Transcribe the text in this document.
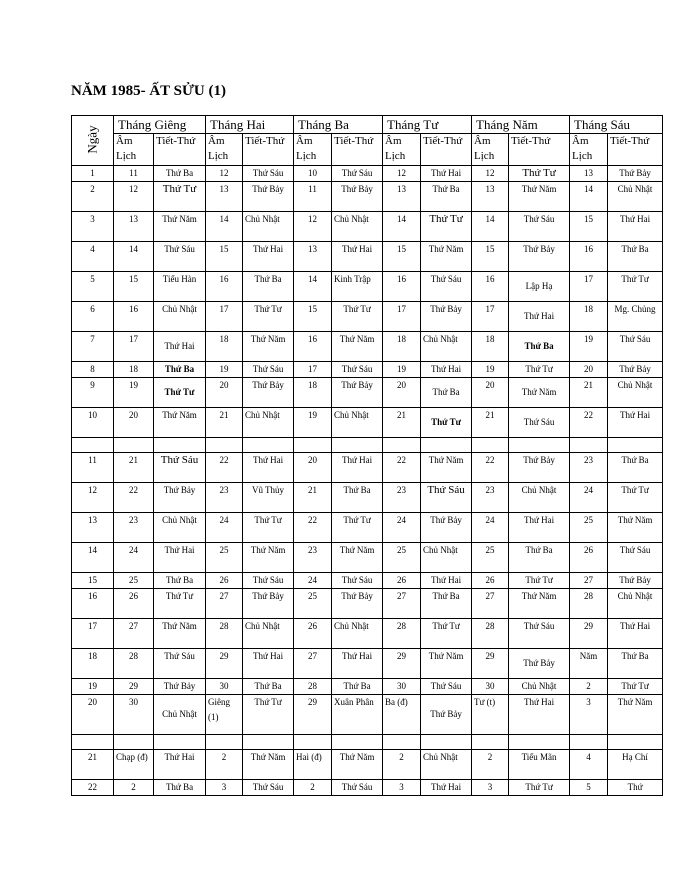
NĂM 1985- ẤT SỬU (1)
Ngày	Tháng Giêng		Tháng Hai		Tháng Ba		Tháng Tư		Tháng Năm		Tháng Sáu	
	Âm Lịch	Tiết-Thứ	Âm Lịch	Tiết-Thứ	Âm Lịch	Tiết-Thứ	Âm Lịch	Tiết-Thứ	Âm Lịch	Tiết-Thứ	Âm Lịch	Tiết-Thứ
1	11	Thứ Ba	12	Thứ Sáu	10	Thứ Sáu	12	Thứ Hai	12	Thứ Tư	13	Thứ Bảy
2	12	Thứ Tư	13	Thứ Bảy	11	Thứ Bảy	13	Thứ Ba	13	Thứ Năm	14	Chủ Nhật
3	13	Thứ Năm	14	Chủ Nhật	12	Chủ Nhật	14	Thứ Tư	14	Thứ Sáu	15	Thứ Hai
4	14	Thứ Sáu	15	Thứ Hai	13	Thứ Hai	15	Thứ Năm	15	Thứ Bảy	16	Thứ Ba
5	15	Tiểu Hàn	16	Thứ Ba	14	Kinh Trập	16	Thứ Sáu	16	Lập Hạ	17	Thứ Tư
6	16	Chủ Nhật	17	Thứ Tư	15	Thứ Tư	17	Thứ Bảy	17	Thứ Hai	18	Mg. Chủng
7	17	Thứ Hai	18	Thứ Năm	16	Thứ Năm	18	Chủ Nhật	18	Thứ Ba	19	Thứ Sáu
8	18	Thứ Ba	19	Thứ Sáu	17	Thứ Sáu	19	Thứ Hai	19	Thứ Tư	20	Thứ Bảy
9	19	Thứ Tư	20	Thứ Bảy	18	Thứ Bảy	20	Thứ Ba	20	Thứ Năm	21	Chủ Nhật
10	20	Thứ Năm	21	Chủ Nhật	19	Chủ Nhật	21	Thứ Tư	21	Thứ Sáu	22	Thứ Hai

11	21	Thứ Sáu	22	Thứ Hai	20	Thứ Hai	22	Thứ Năm	22	Thứ Bảy	23	Thứ Ba
12	22	Thứ Bảy	23	Vũ Thủy	21	Thứ Ba	23	Thứ Sáu	23	Chủ Nhật	24	Thứ Tư
13	23	Chủ Nhật	24	Thứ Tư	22	Thứ Tư	24	Thứ Bảy	24	Thứ Hai	25	Thứ Năm
14	24	Thứ Hai	25	Thứ Năm	23	Thứ Năm	25	Chủ Nhật	25	Thứ Ba	26	Thứ Sáu
15	25	Thứ Ba	26	Thứ Sáu	24	Thứ Sáu	26	Thứ Hai	26	Thứ Tư	27	Thứ Bảy
16	26	Thứ Tư	27	Thứ Bảy	25	Thứ Bảy	27	Thứ Ba	27	Thứ Năm	28	Chủ Nhật
17	27	Thứ Năm	28	Chủ Nhật	26	Chủ Nhật	28	Thứ Tư	28	Thứ Sáu	29	Thứ Hai
18	28	Thứ Sáu	29	Thứ Hai	27	Thứ Hai	29	Thứ Năm	29	Thứ Bảy	Năm	Thứ Ba
19	29	Thứ Bảy	30	Thứ Ba	28	Thứ Ba	30	Thứ Sáu	30	Chủ Nhật	2	Thứ Tư
20	30	Chủ Nhật	Giêng (1)	Thứ Tư	29	Xuân Phân	Ba (đ)	Thứ Bảy	Tư (t)	Thứ Hai	3	Thứ Năm

21	Chạp (đ)	Thứ Hai	2	Thứ Năm	Hai (đ)	Thứ Năm	2	Chủ Nhật	2	Tiểu Mãn	4	Hạ Chí
22	2	Thứ Ba	3	Thứ Sáu	2	Thứ Sáu	3	Thứ Hai	3	Thứ Tư	5	Thứ
